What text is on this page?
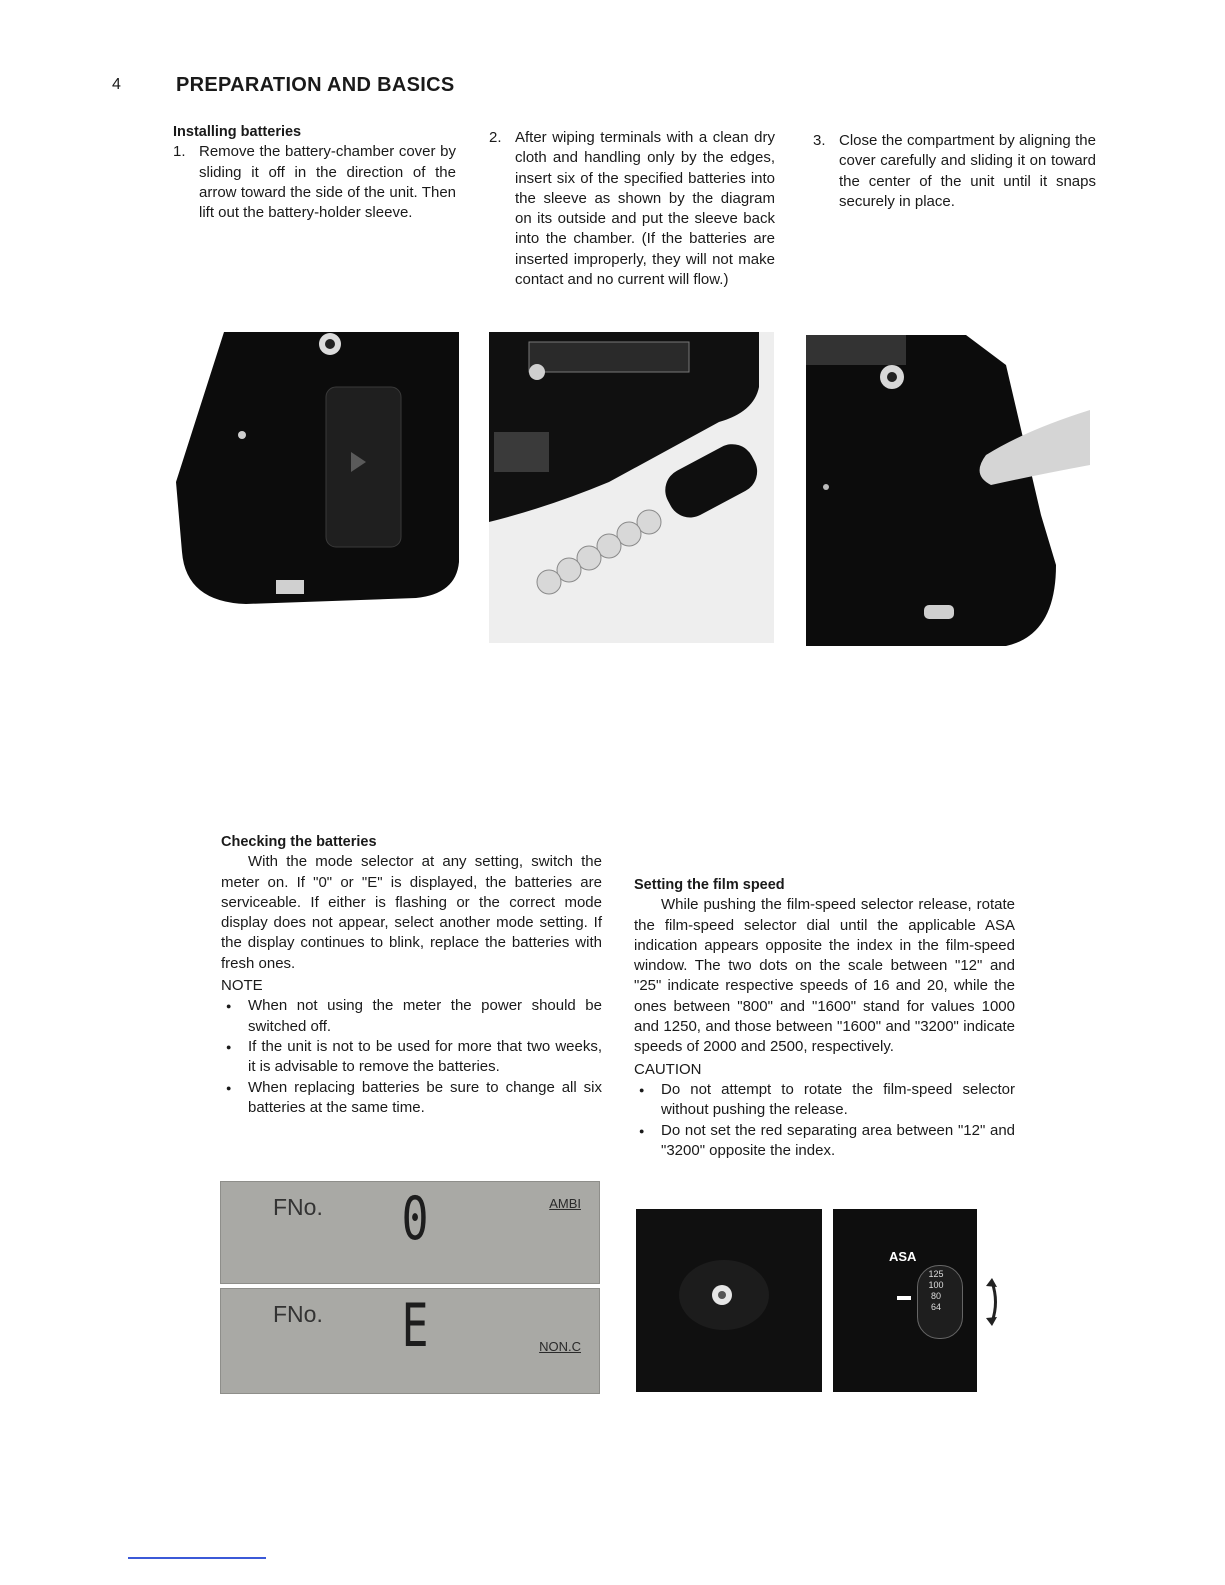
4	PREPARATION AND BASICS
Installing batteries
1. Remove the battery-chamber cover by sliding it off in the direction of the arrow toward the side of the unit. Then lift out the battery-holder sleeve.
2. After wiping terminals with a clean dry cloth and handling only by the edges, insert six of the specified batteries into the sleeve as shown by the diagram on its outside and put the sleeve back into the chamber. (If the batteries are inserted improperly, they will not make contact and no current will flow.)
3. Close the compartment by aligning the cover carefully and sliding it on toward the center of the unit until it snaps securely in place.
Checking the batteries
With the mode selector at any setting, switch the meter on. If "0" or "E" is displayed, the batteries are serviceable. If either is flashing or the correct mode display does not appear, select another mode setting. If the display continues to blink, replace the batteries with fresh ones.
NOTE
● When not using the meter the power should be switched off.
● If the unit is not to be used for more that two weeks, it is advisable to remove the batteries.
● When replacing batteries be sure to change all six batteries at the same time.
FNo. 0	AMBI
FNo. E	NON.C
Setting the film speed
While pushing the film-speed selector release, rotate the film-speed selector dial until the applicable ASA indication appears opposite the index in the film-speed window. The two dots on the scale between "12" and "25" indicate respective speeds of 16 and 20, while the ones between "800" and "1600" stand for values 1000 and 1250, and those between "1600" and "3200" indicate speeds of 2000 and 2500, respectively.
CAUTION
● Do not attempt to rotate the film-speed selector without pushing the release.
● Do not set the red separating area between "12" and "3200" opposite the index.
ASA
125
100
80
64
